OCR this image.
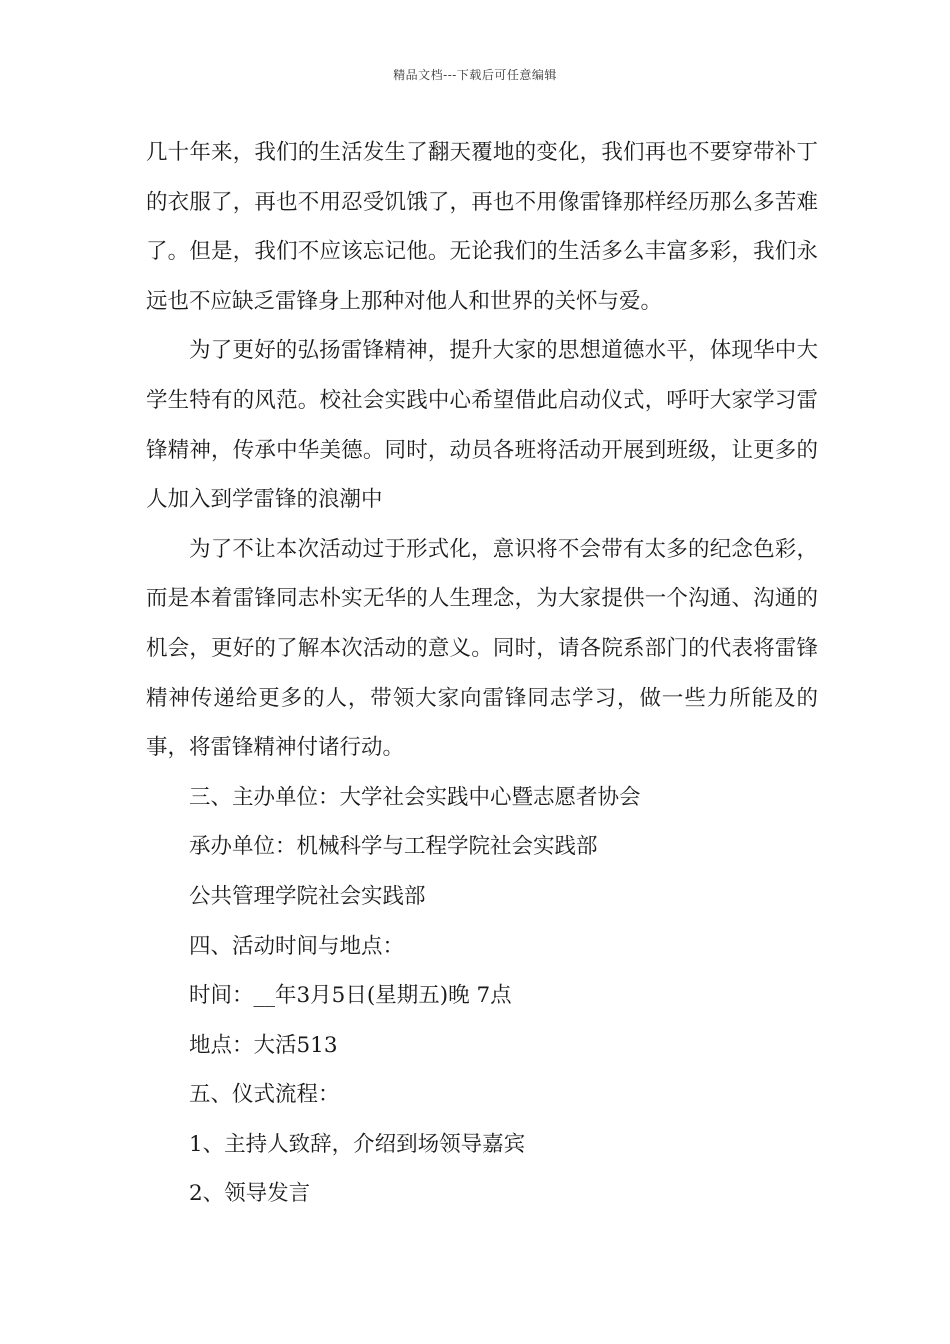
精品文档---下载后可任意编辑

几十年来，我们的生活发生了翻天覆地的变化，我们再也不要穿带补丁的衣服了，再也不用忍受饥饿了，再也不用像雷锋那样经历那么多苦难了。但是，我们不应该忘记他。无论我们的生活多么丰富多彩，我们永远也不应缺乏雷锋身上那种对他人和世界的关怀与爱。

为了更好的弘扬雷锋精神，提升大家的思想道德水平，体现华中大学生特有的风范。校社会实践中心希望借此启动仪式，呼吁大家学习雷锋精神，传承中华美德。同时，动员各班将活动开展到班级，让更多的人加入到学雷锋的浪潮中

为了不让本次活动过于形式化，意识将不会带有太多的纪念色彩，而是本着雷锋同志朴实无华的人生理念，为大家提供一个沟通、沟通的机会，更好的了解本次活动的意义。同时，请各院系部门的代表将雷锋精神传递给更多的人，带领大家向雷锋同志学习，做一些力所能及的事，将雷锋精神付诸行动。

三、主办单位：大学社会实践中心暨志愿者协会

承办单位：机械科学与工程学院社会实践部

公共管理学院社会实践部

四、活动时间与地点：

时间：__年3月5日(星期五)晚 7点

地点：大活513

五、仪式流程：

1、主持人致辞，介绍到场领导嘉宾

2、领导发言
